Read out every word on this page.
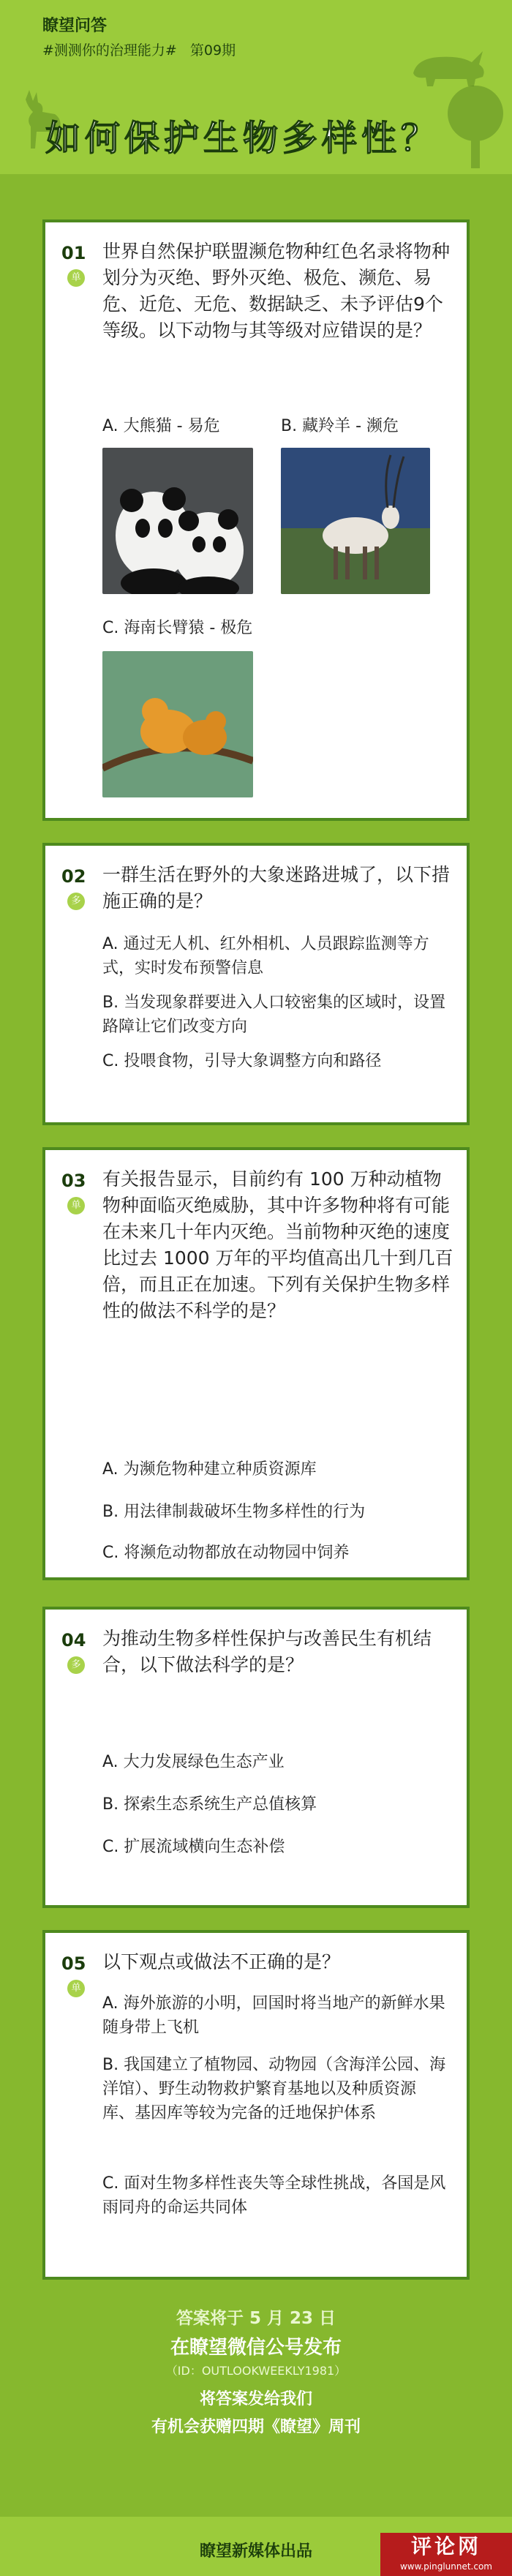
瞭望问答
#测测你的治理能力# 第09期
如何保护生物多样性？
01
单
世界自然保护联盟濒危物种红色名录将物种划分为灭绝、野外灭绝、极危、濒危、易危、近危、无危、数据缺乏、未予评估9个等级。以下动物与其等级对应错误的是？
A. 大熊猫 - 易危	B. 藏羚羊 - 濒危
C. 海南长臂猿 - 极危
02
多
一群生活在野外的大象迷路进城了，以下措施正确的是？
A. 通过无人机、红外相机、人员跟踪监测等方式，实时发布预警信息
B. 当发现象群要进入人口较密集的区域时，设置路障让它们改变方向
C. 投喂食物，引导大象调整方向和路径
03
单
有关报告显示，目前约有 100 万种动植物物种面临灭绝威胁，其中许多物种将有可能在未来几十年内灭绝。当前物种灭绝的速度比过去 1000 万年的平均值高出几十到几百倍，而且正在加速。下列有关保护生物多样性的做法不科学的是？
A. 为濒危物种建立种质资源库
B. 用法律制裁破坏生物多样性的行为
C. 将濒危动物都放在动物园中饲养
04
多
为推动生物多样性保护与改善民生有机结合，以下做法科学的是？
A. 大力发展绿色生态产业
B. 探索生态系统生产总值核算
C. 扩展流域横向生态补偿
05
单
以下观点或做法不正确的是？
A. 海外旅游的小明，回国时将当地产的新鲜水果随身带上飞机
B. 我国建立了植物园、动物园（含海洋公园、海洋馆）、野生动物救护繁育基地以及种质资源库、基因库等较为完备的迁地保护体系
C. 面对生物多样性丧失等全球性挑战，各国是风雨同舟的命运共同体
答案将于 5 月 23 日
在瞭望微信公号发布
（ID：OUTLOOKWEEKLY1981）
将答案发给我们
有机会获赠四期《瞭望》周刊
瞭望新媒体出品	评论网
www.pinglunnet.com
